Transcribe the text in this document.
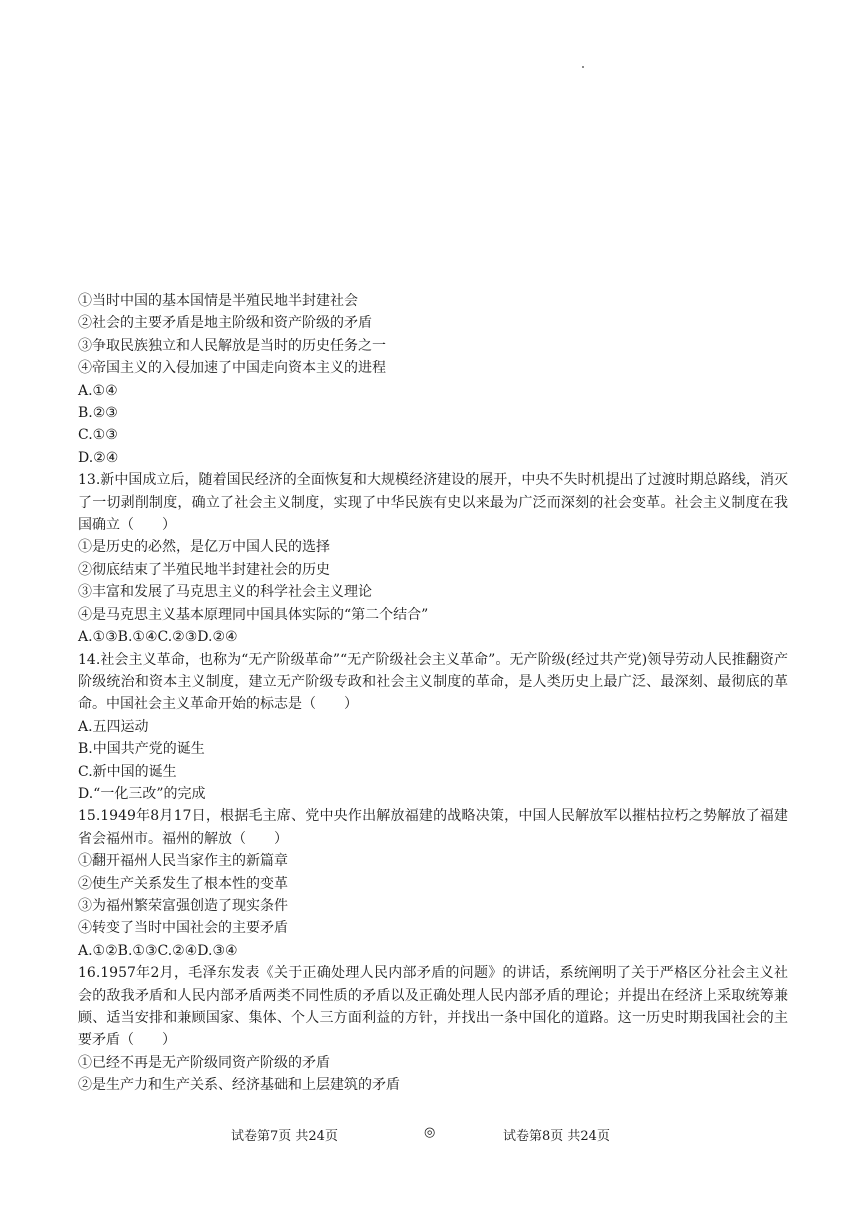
①当时中国的基本国情是半殖民地半封建社会
②社会的主要矛盾是地主阶级和资产阶级的矛盾
③争取民族独立和人民解放是当时的历史任务之一
④帝国主义的入侵加速了中国走向资本主义的进程
A.①④
B.②③
C.①③
D.②④
13.新中国成立后，随着国民经济的全面恢复和大规模经济建设的展开，中央不失时机提出了过渡时期总路线，消灭了一切剥削制度，确立了社会主义制度，实现了中华民族有史以来最为广泛而深刻的社会变革。社会主义制度在我国确立（　　）
①是历史的必然，是亿万中国人民的选择
②彻底结束了半殖民地半封建社会的历史
③丰富和发展了马克思主义的科学社会主义理论
④是马克思主义基本原理同中国具体实际的“第二个结合”
A.①③B.①④C.②③D.②④
14.社会主义革命，也称为“无产阶级革命”“无产阶级社会主义革命”。无产阶级(经过共产党)领导劳动人民推翻资产阶级统治和资本主义制度，建立无产阶级专政和社会主义制度的革命，是人类历史上最广泛、最深刻、最彻底的革命。中国社会主义革命开始的标志是（　　）
A.五四运动
B.中国共产党的诞生
C.新中国的诞生
D.“一化三改”的完成
15.1949年8月17日，根据毛主席、党中央作出解放福建的战略决策，中国人民解放军以摧枯拉朽之势解放了福建省会福州市。福州的解放（　　）
①翻开福州人民当家作主的新篇章
②使生产关系发生了根本性的变革
③为福州繁荣富强创造了现实条件
④转变了当时中国社会的主要矛盾
A.①②B.①③C.②④D.③④
16.1957年2月，毛泽东发表《关于正确处理人民内部矛盾的问题》的讲话，系统阐明了关于严格区分社会主义社会的敌我矛盾和人民内部矛盾两类不同性质的矛盾以及正确处理人民内部矛盾的理论；并提出在经济上采取统筹兼顾、适当安排和兼顾国家、集体、个人三方面利益的方针，并找出一条中国化的道路。这一历史时期我国社会的主要矛盾（　　）
①已经不再是无产阶级同资产阶级的矛盾
②是生产力和生产关系、经济基础和上层建筑的矛盾
试卷第7页 共24页	◎	试卷第8页 共24页
